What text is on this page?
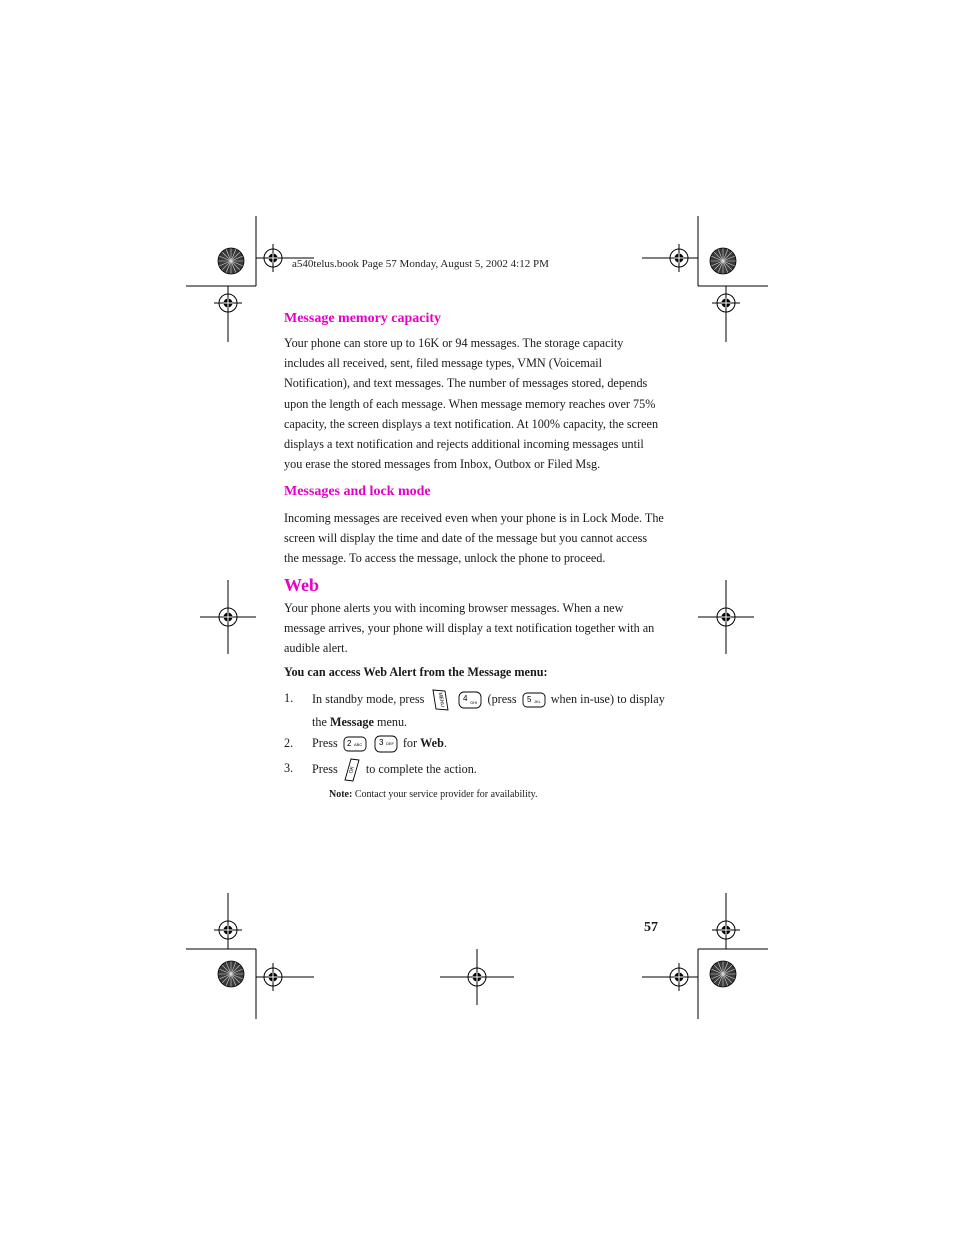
a540telus.book Page 57 Monday, August 5, 2002 4:12 PM
Message memory capacity

Your phone can store up to 16K or 94 messages. The storage capacity includes all received, sent, filed message types, VMN (Voicemail Notification), and text messages. The number of messages stored, depends upon the length of each message. When message memory reaches over 75% capacity, the screen displays a text notification. At 100% capacity, the screen displays a text notification and rejects additional incoming messages until you erase the stored messages from Inbox, Outbox or Filed Msg.

Messages and lock mode

Incoming messages are received even when your phone is in Lock Mode. The screen will display the time and date of the message but you cannot access the message. To access the message, unlock the phone to proceed.

Web

Your phone alerts you with incoming browser messages. When a new message arrives, your phone will display a text notification together with an audible alert.

You can access Web Alert from the Message menu:

1. In standby mode, press	MENU
4 GHI (press 5 JKL when in-use) to display the Message menu.
2. Press 2 ABC
3 DEF for Web.
3. Press OK to complete the action.
Note: Contact your service provider for availability.
57
